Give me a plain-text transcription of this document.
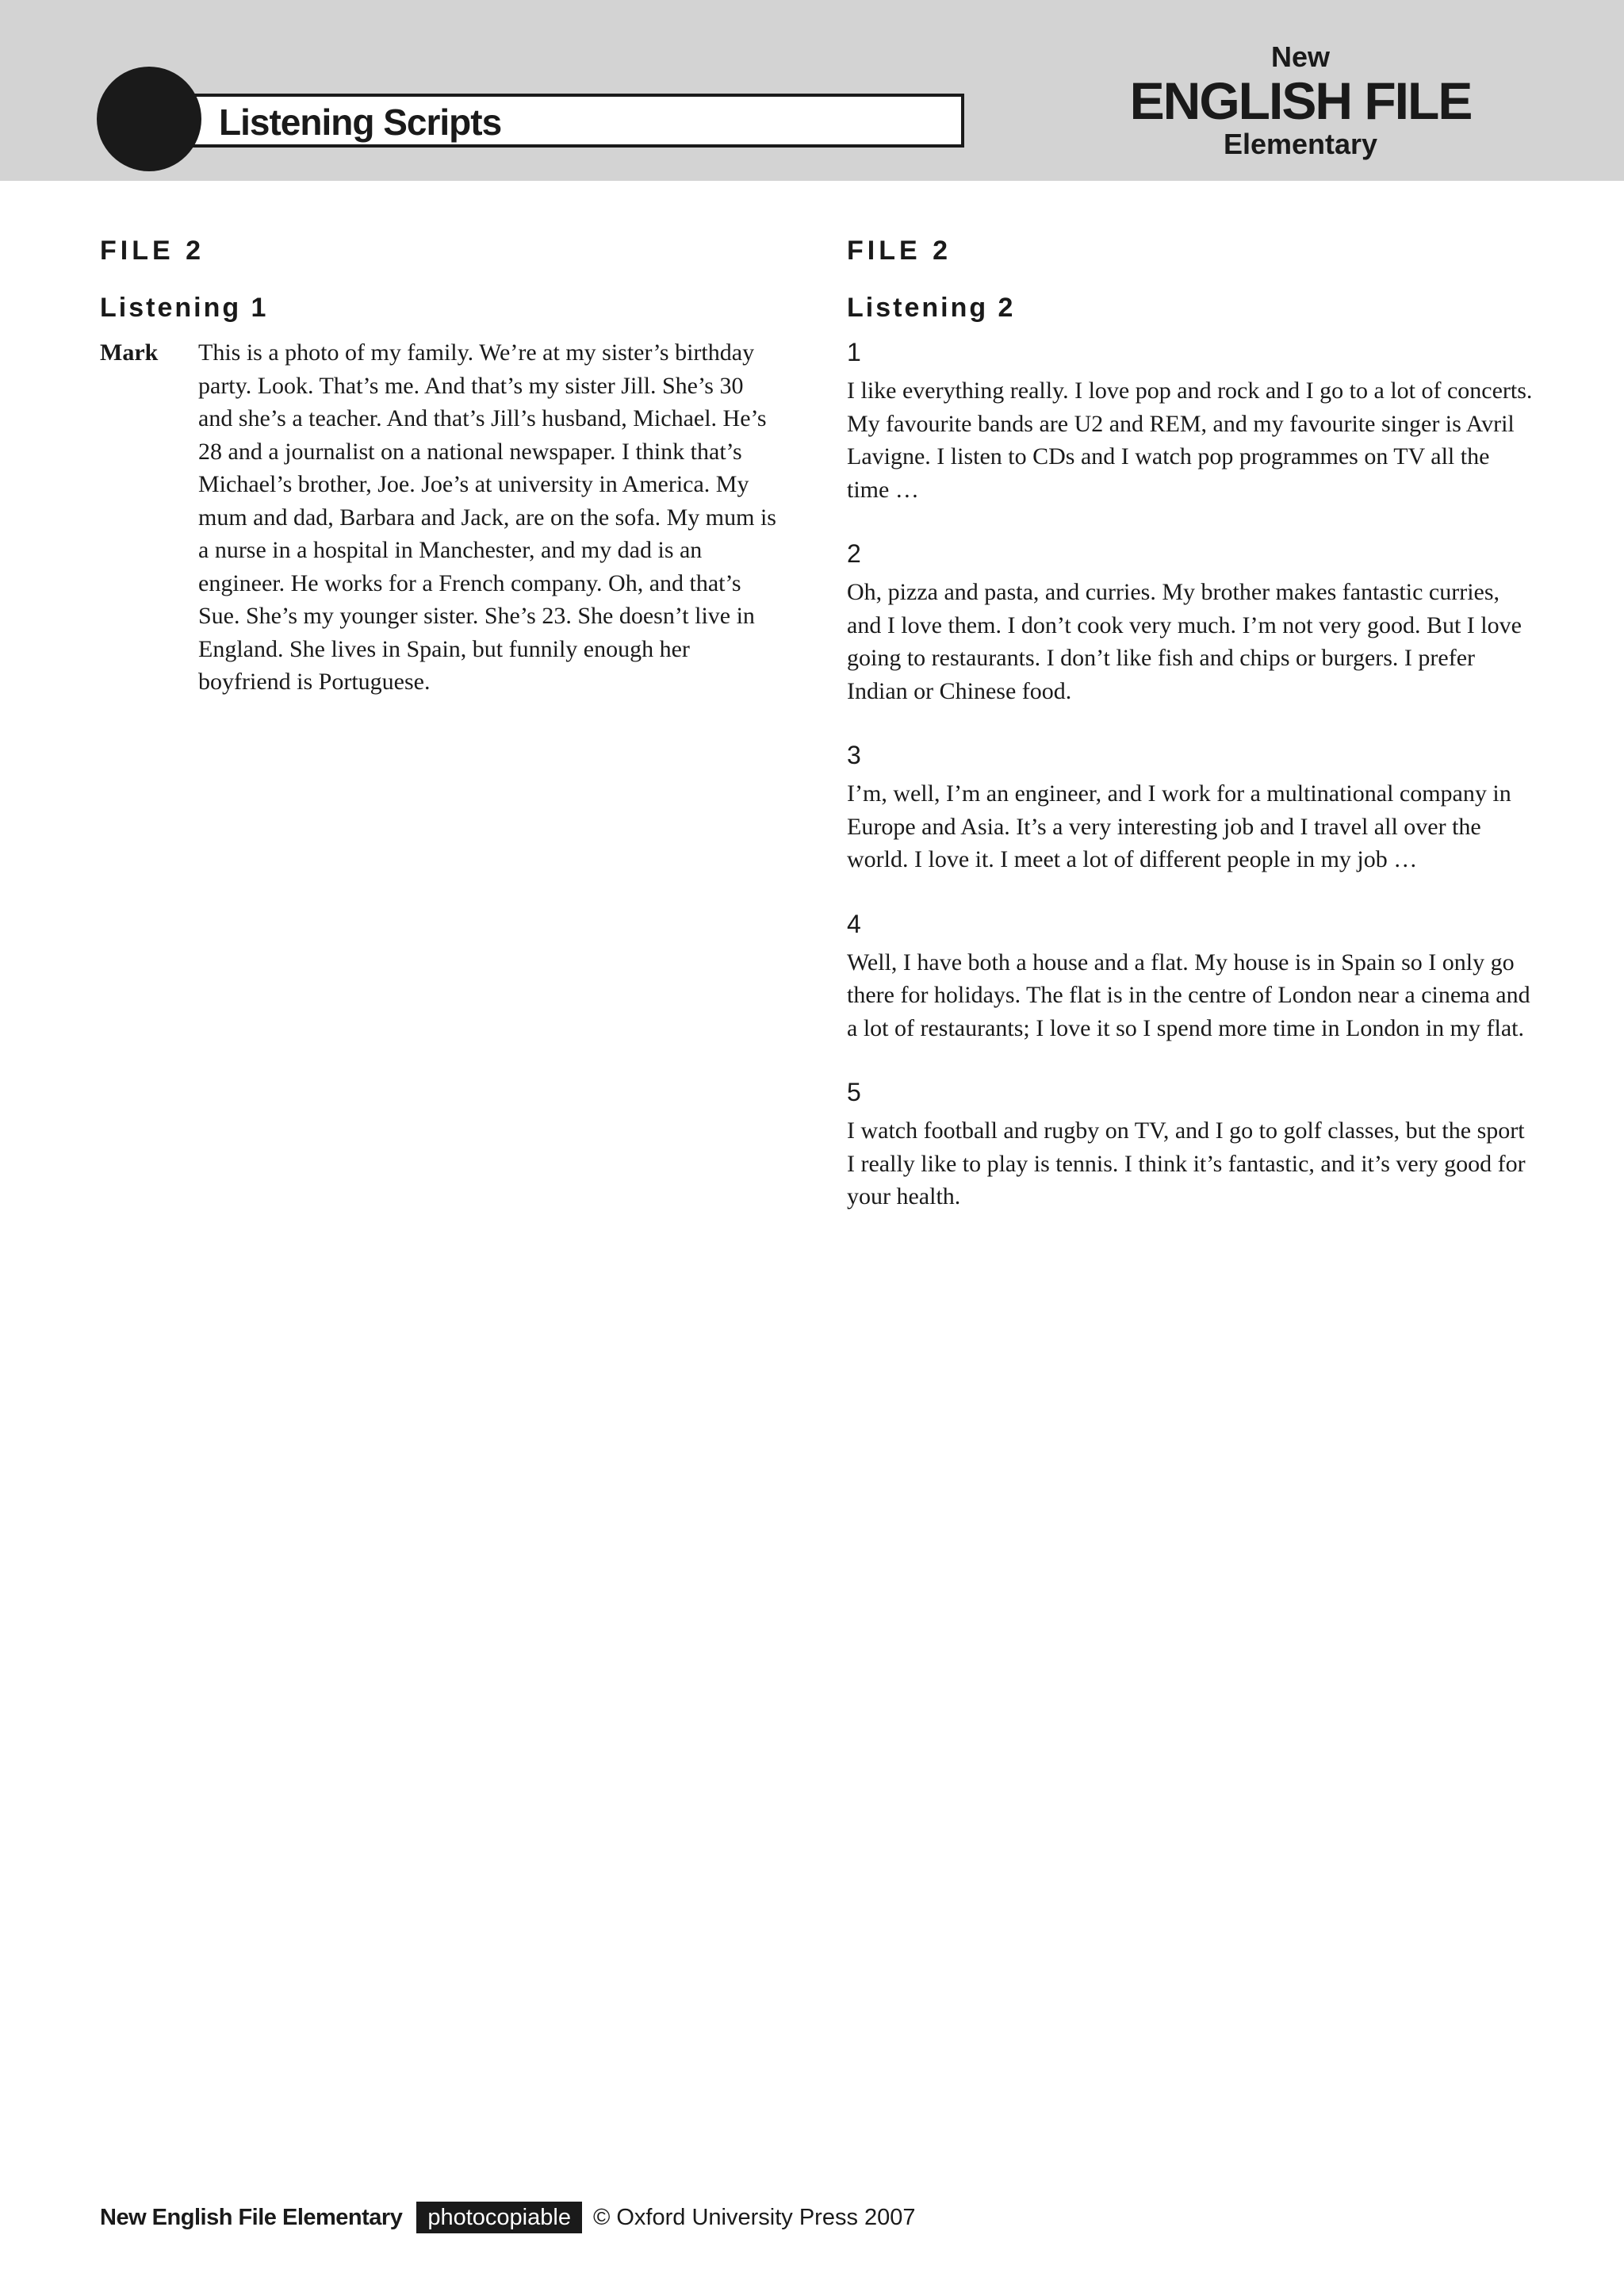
Listening Scripts
New
ENGLISH FILE
Elementary
FILE 2
Listening 1
Mark	This is a photo of my family. We’re at my sister’s birthday party. Look. That’s me. And that’s my sister Jill. She’s 30 and she’s a teacher. And that’s Jill’s husband, Michael. He’s 28 and a journalist on a national newspaper. I think that’s Michael’s brother, Joe. Joe’s at university in America. My mum and dad, Barbara and Jack, are on the sofa. My mum is a nurse in a hospital in Manchester, and my dad is an engineer. He works for a French company. Oh, and that’s Sue. She’s my younger sister. She’s 23. She doesn’t live in England. She lives in Spain, but funnily enough her boyfriend is Portuguese.

FILE 2
Listening 2
1

I like everything really. I love pop and rock and I go to a lot of concerts. My favourite bands are U2 and REM, and my favourite singer is Avril Lavigne. I listen to CDs and I watch pop programmes on TV all the time …

2

Oh, pizza and pasta, and curries. My brother makes fantastic curries, and I love them. I don’t cook very much. I’m not very good. But I love going to restaurants. I don’t like fish and chips or burgers. I prefer Indian or Chinese food.

3

I’m, well, I’m an engineer, and I work for a multinational company in Europe and Asia. It’s a very interesting job and I travel all over the world. I love it. I meet a lot of different people in my job …

4

Well, I have both a house and a flat. My house is in Spain so I only go there for holidays. The flat is in the centre of London near a cinema and a lot of restaurants; I love it so I spend more time in London in my flat.

5

I watch football and rugby on TV, and I go to golf classes, but the sport I really like to play is tennis. I think it’s fantastic, and it’s very good for your health.

New English File Elementary	photocopiable © Oxford University Press 2007
